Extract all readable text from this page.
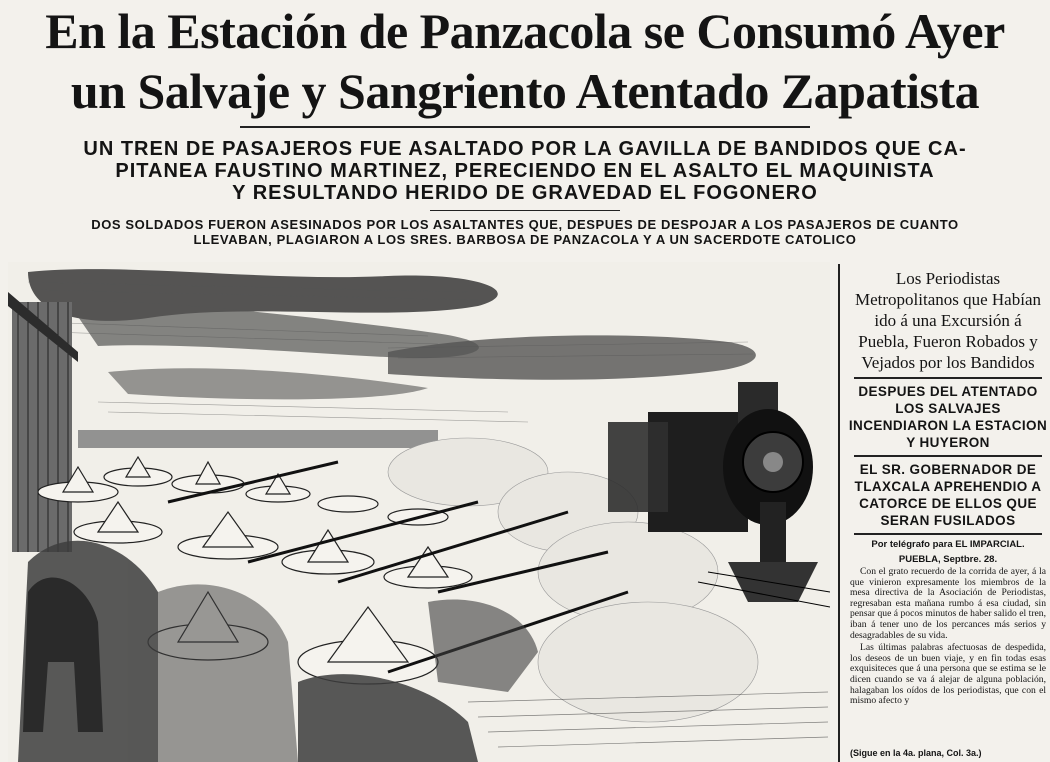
En la Estación de Panzacola se Consumó Ayer
un Salvaje y Sangriento Atentado Zapatista
UN TREN DE PASAJEROS FUE ASALTADO POR LA GAVILLA DE BANDIDOS QUE CA-
PITANEA FAUSTINO MARTINEZ, PERECIENDO EN EL ASALTO EL MAQUINISTA
Y RESULTANDO HERIDO DE GRAVEDAD EL FOGONERO
DOS SOLDADOS FUERON ASESINADOS POR LOS ASALTANTES QUE, DESPUES DE DESPOJAR A LOS PASAJEROS DE CUANTO
LLEVABAN, PLAGIARON A LOS SRES. BARBOSA DE PANZACOLA Y A UN SACERDOTE CATOLICO
Los Periodistas Metropolitanos que Habían ido á una Excursión á Puebla, Fueron Robados y Vejados por los Bandidos
DESPUES DEL ATENTADO LOS SALVAJES INCENDIARON LA ESTACION Y HUYERON
EL SR. GOBERNADOR DE TLAXCALA APREHENDIO A CATORCE DE ELLOS QUE SERAN FUSILADOS
Por telégrafo para EL IMPARCIAL.
PUEBLA, Septbre. 28.
Con el grato recuerdo de la corrida de ayer, á la que vinieron expresamente los miembros de la mesa directiva de la Asociación de Periodistas, regresaban esta mañana rumbo á esa ciudad, sin pensar que á pocos minutos de haber salido el tren, iban á tener uno de los percances más serios y desagradables de su vida.
Las últimas palabras afectuosas de despedida, los deseos de un buen viaje, y en fin todas esas exquisiteces que á una persona que se estima se le dicen cuando se va á alejar de alguna población, halagaban los oídos de los periodistas, que con el mismo afecto y
(Sigue en la 4a. plana, Col. 3a.)
